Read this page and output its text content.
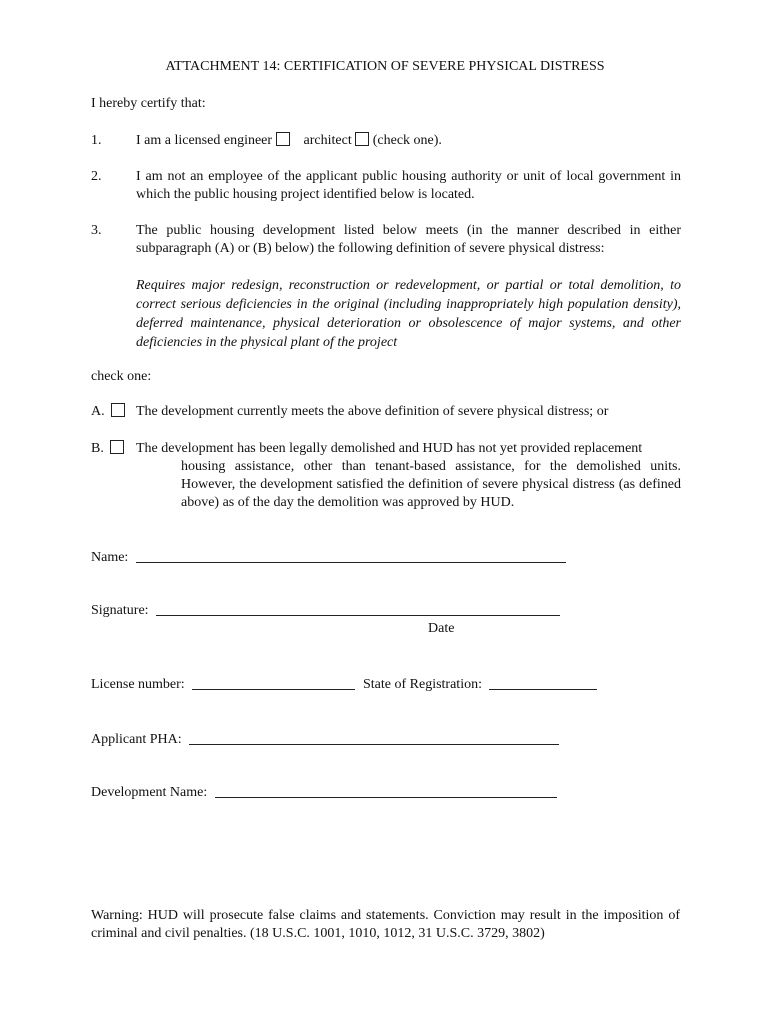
ATTACHMENT 14: CERTIFICATION OF SEVERE PHYSICAL DISTRESS
I hereby certify that:
1. I am a licensed engineer architect (check one).
2. I am not an employee of the applicant public housing authority or unit of local government in which the public housing project identified below is located.
3. The public housing development listed below meets (in the manner described in either subparagraph (A) or (B) below) the following definition of severe physical distress:
Requires major redesign, reconstruction or redevelopment, or partial or total demolition, to correct serious deficiencies in the original (including inappropriately high population density), deferred maintenance, physical deterioration or obsolescence of major systems, and other deficiencies in the physical plant of the project
check one:
A.	The development currently meets the above definition of severe physical distress; or
B.	The development has been legally demolished and HUD has not yet provided replacement
housing assistance, other than tenant-based assistance, for the demolished units. However, the development satisfied the definition of severe physical distress (as defined above) as of the day the demolition was approved by HUD.
Name:
Signature:
Date
License number:	State of Registration:
Applicant PHA:
Development Name:
Warning: HUD will prosecute false claims and statements. Conviction may result in the imposition of criminal and civil penalties. (18 U.S.C. 1001, 1010, 1012, 31 U.S.C. 3729, 3802)
